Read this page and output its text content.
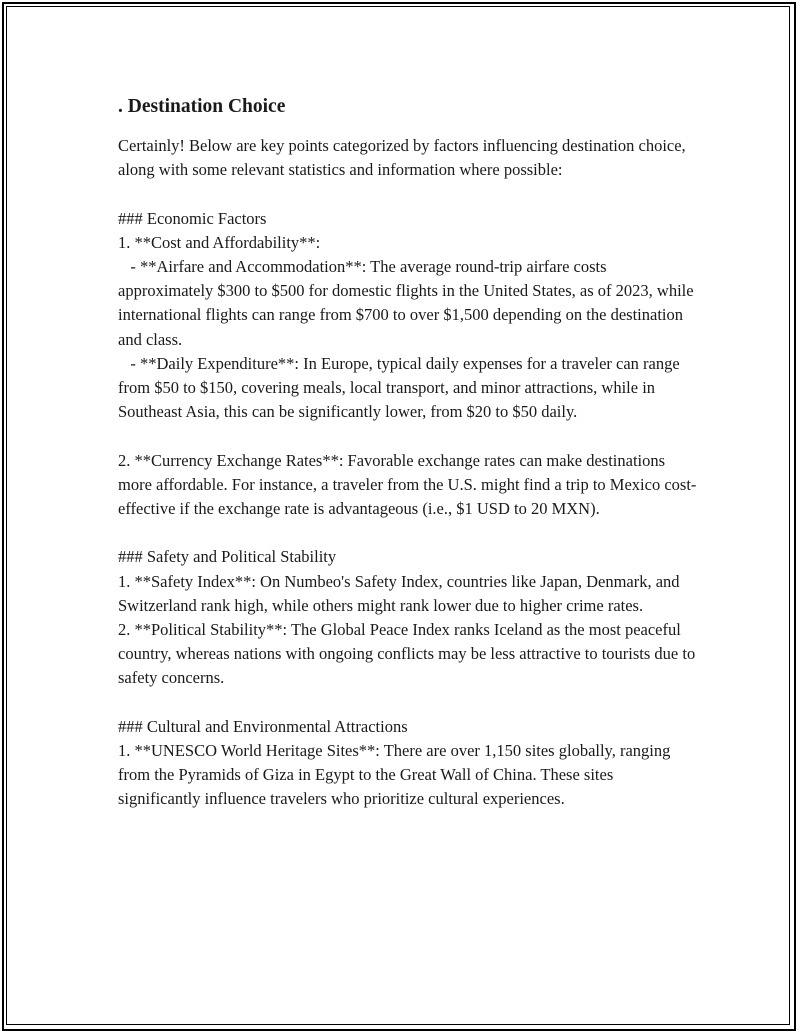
. Destination Choice

Certainly! Below are key points categorized by factors influencing destination choice, along with some relevant statistics and information where possible:

### Economic Factors

1. **Cost and Affordability**:

- **Airfare and Accommodation**: The average round-trip airfare costs approximately $300 to $500 for domestic flights in the United States, as of 2023, while international flights can range from $700 to over $1,500 depending on the destination and class.

- **Daily Expenditure**: In Europe, typical daily expenses for a traveler can range from $50 to $150, covering meals, local transport, and minor attractions, while in Southeast Asia, this can be significantly lower, from $20 to $50 daily.

2. **Currency Exchange Rates**: Favorable exchange rates can make destinations more affordable. For instance, a traveler from the U.S. might find a trip to Mexico cost-effective if the exchange rate is advantageous (i.e., $1 USD to 20 MXN).

### Safety and Political Stability

1. **Safety Index**: On Numbeo's Safety Index, countries like Japan, Denmark, and Switzerland rank high, while others might rank lower due to higher crime rates.

2. **Political Stability**: The Global Peace Index ranks Iceland as the most peaceful country, whereas nations with ongoing conflicts may be less attractive to tourists due to safety concerns.

### Cultural and Environmental Attractions

1. **UNESCO World Heritage Sites**: There are over 1,150 sites globally, ranging from the Pyramids of Giza in Egypt to the Great Wall of China. These sites significantly influence travelers who prioritize cultural experiences.
